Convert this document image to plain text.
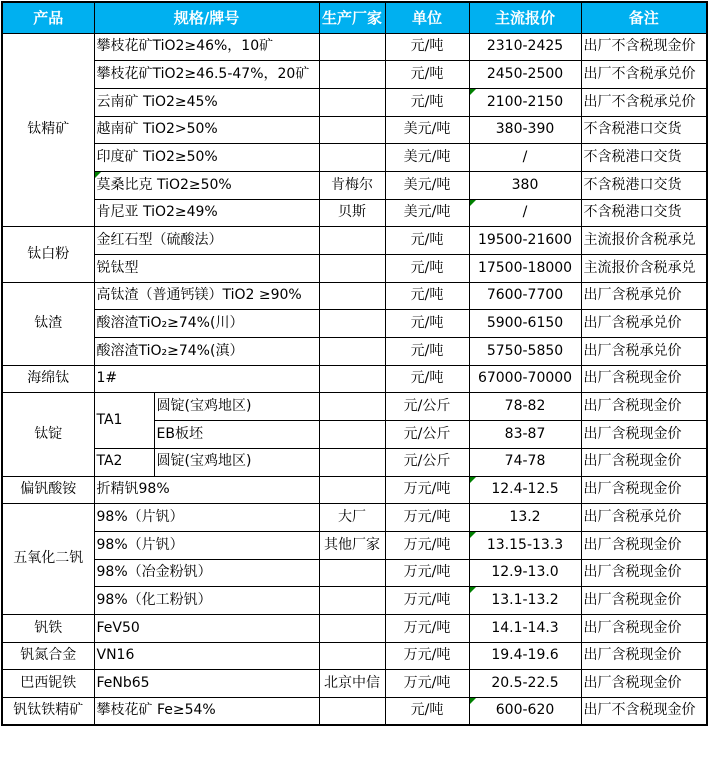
产品	规格/牌号		生产厂家	单位	主流报价	备注
钛精矿	攀枝花矿TiO2≥46%，10矿			元/吨	2310-2425	出厂不含税现金价
	攀枝花矿TiO2≥46.5-47%，20矿			元/吨	2450-2500	出厂不含税承兑价
	云南矿 TiO2≥45%			元/吨	2100-2150	出厂不含税承兑价
	越南矿 TiO2>50%			美元/吨	380-390	不含税港口交货
	印度矿 TiO2≥50%			美元/吨	/	不含税港口交货
	莫桑比克 TiO2≥50%		肯梅尔	美元/吨	380	不含税港口交货
	肯尼亚 TiO2≥49%		贝斯	美元/吨	/	不含税港口交货
钛白粉	金红石型（硫酸法）			元/吨	19500-21600	主流报价含税承兑
	锐钛型			元/吨	17500-18000	主流报价含税承兑
钛渣	高钛渣（普通钙镁）TiO2 ≥90%			元/吨	7600-7700	出厂含税承兑价
	酸溶渣TiO₂≥74%(川）			元/吨	5900-6150	出厂含税承兑价
	酸溶渣TiO₂≥74%(滇）			元/吨	5750-5850	出厂含税承兑价
海绵钛	1#			元/吨	67000-70000	出厂含税现金价
钛锭	TA1	圆锭(宝鸡地区)		元/公斤	78-82	出厂含税现金价
		EB板坯		元/公斤	83-87	出厂含税现金价
	TA2	圆锭(宝鸡地区)		元/公斤	74-78	出厂含税现金价
偏钒酸铵	折精钒98%			万元/吨	12.4-12.5	出厂含税现金价
五氧化二钒	98%（片钒）		大厂	万元/吨	13.2	出厂含税承兑价
	98%（片钒）		其他厂家	万元/吨	13.15-13.3	出厂含税现金价
	98%（冶金粉钒）			万元/吨	12.9-13.0	出厂含税现金价
	98%（化工粉钒）			万元/吨	13.1-13.2	出厂含税现金价
钒铁	FeV50			万元/吨	14.1-14.3	出厂含税现金价
钒氮合金	VN16			万元/吨	19.4-19.6	出厂含税现金价
巴西铌铁	FeNb65		北京中信	万元/吨	20.5-22.5	出厂含税现金价
钒钛铁精矿	攀枝花矿 Fe≥54%			元/吨	600-620	出厂不含税现金价
